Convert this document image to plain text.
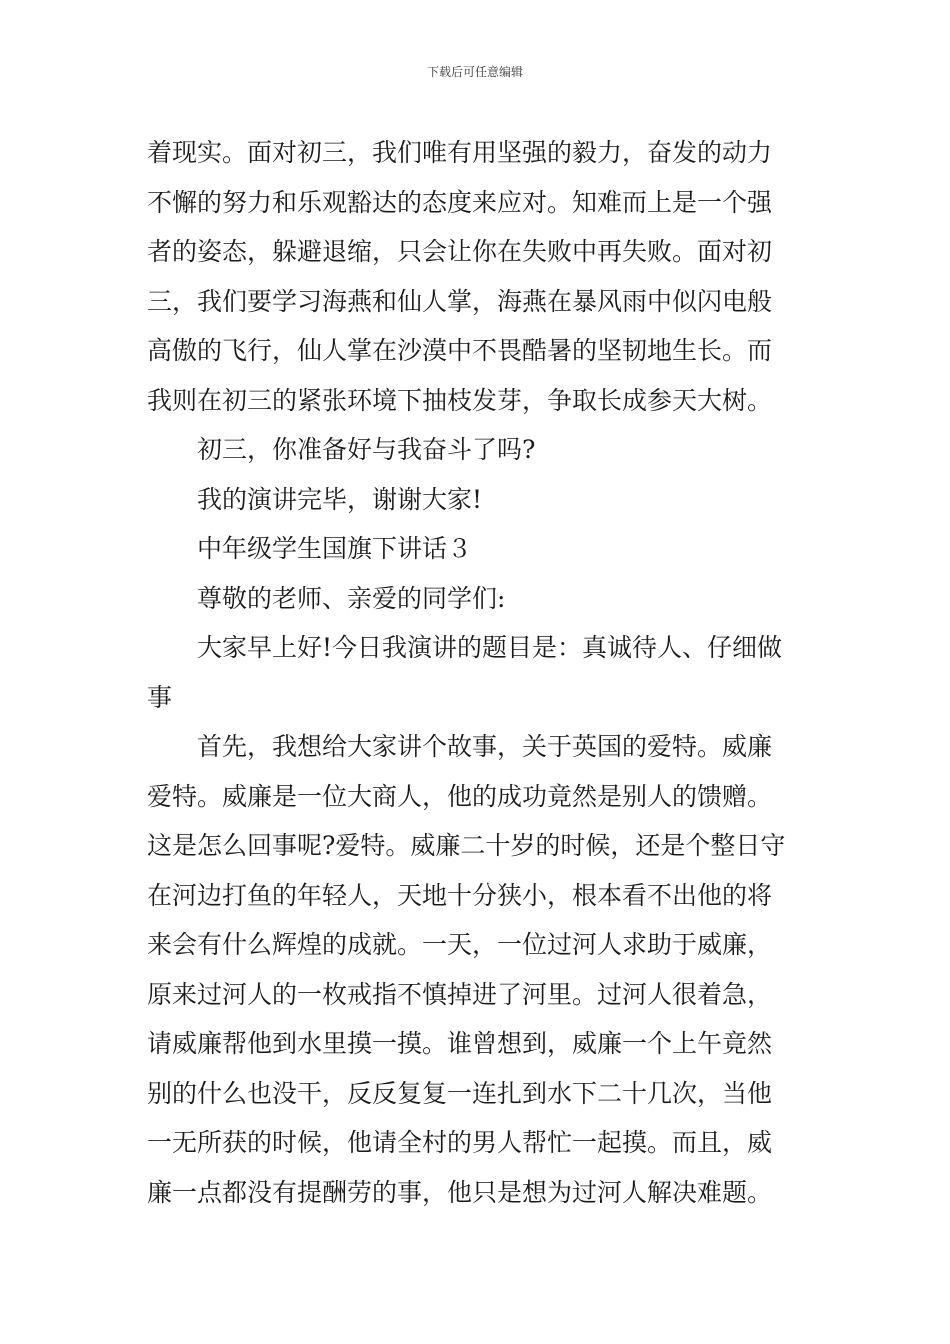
下载后可任意编辑
着现实。面对初三，我们唯有用坚强的毅力，奋发的动力
不懈的努力和乐观豁达的态度来应对。知难而上是一个强
者的姿态，躲避退缩，只会让你在失败中再失败。面对初
三，我们要学习海燕和仙人掌，海燕在暴风雨中似闪电般
高傲的飞行，仙人掌在沙漠中不畏酷暑的坚韧地生长。而
我则在初三的紧张环境下抽枝发芽，争取长成参天大树。
初三，你准备好与我奋斗了吗?
我的演讲完毕，谢谢大家!
中年级学生国旗下讲话３
尊敬的老师、亲爱的同学们:
大家早上好!今日我演讲的题目是：真诚待人、仔细做
事
首先，我想给大家讲个故事，关于英国的爱特。威廉
爱特。威廉是一位大商人，他的成功竟然是别人的馈赠。
这是怎么回事呢?爱特。威廉二十岁的时候，还是个整日守
在河边打鱼的年轻人，天地十分狭小，根本看不出他的将
来会有什么辉煌的成就。一天，一位过河人求助于威廉，
原来过河人的一枚戒指不慎掉进了河里。过河人很着急，
请威廉帮他到水里摸一摸。谁曾想到，威廉一个上午竟然
别的什么也没干，反反复复一连扎到水下二十几次，当他
一无所获的时候，他请全村的男人帮忙一起摸。而且，威
廉一点都没有提酬劳的事，他只是想为过河人解决难题。
